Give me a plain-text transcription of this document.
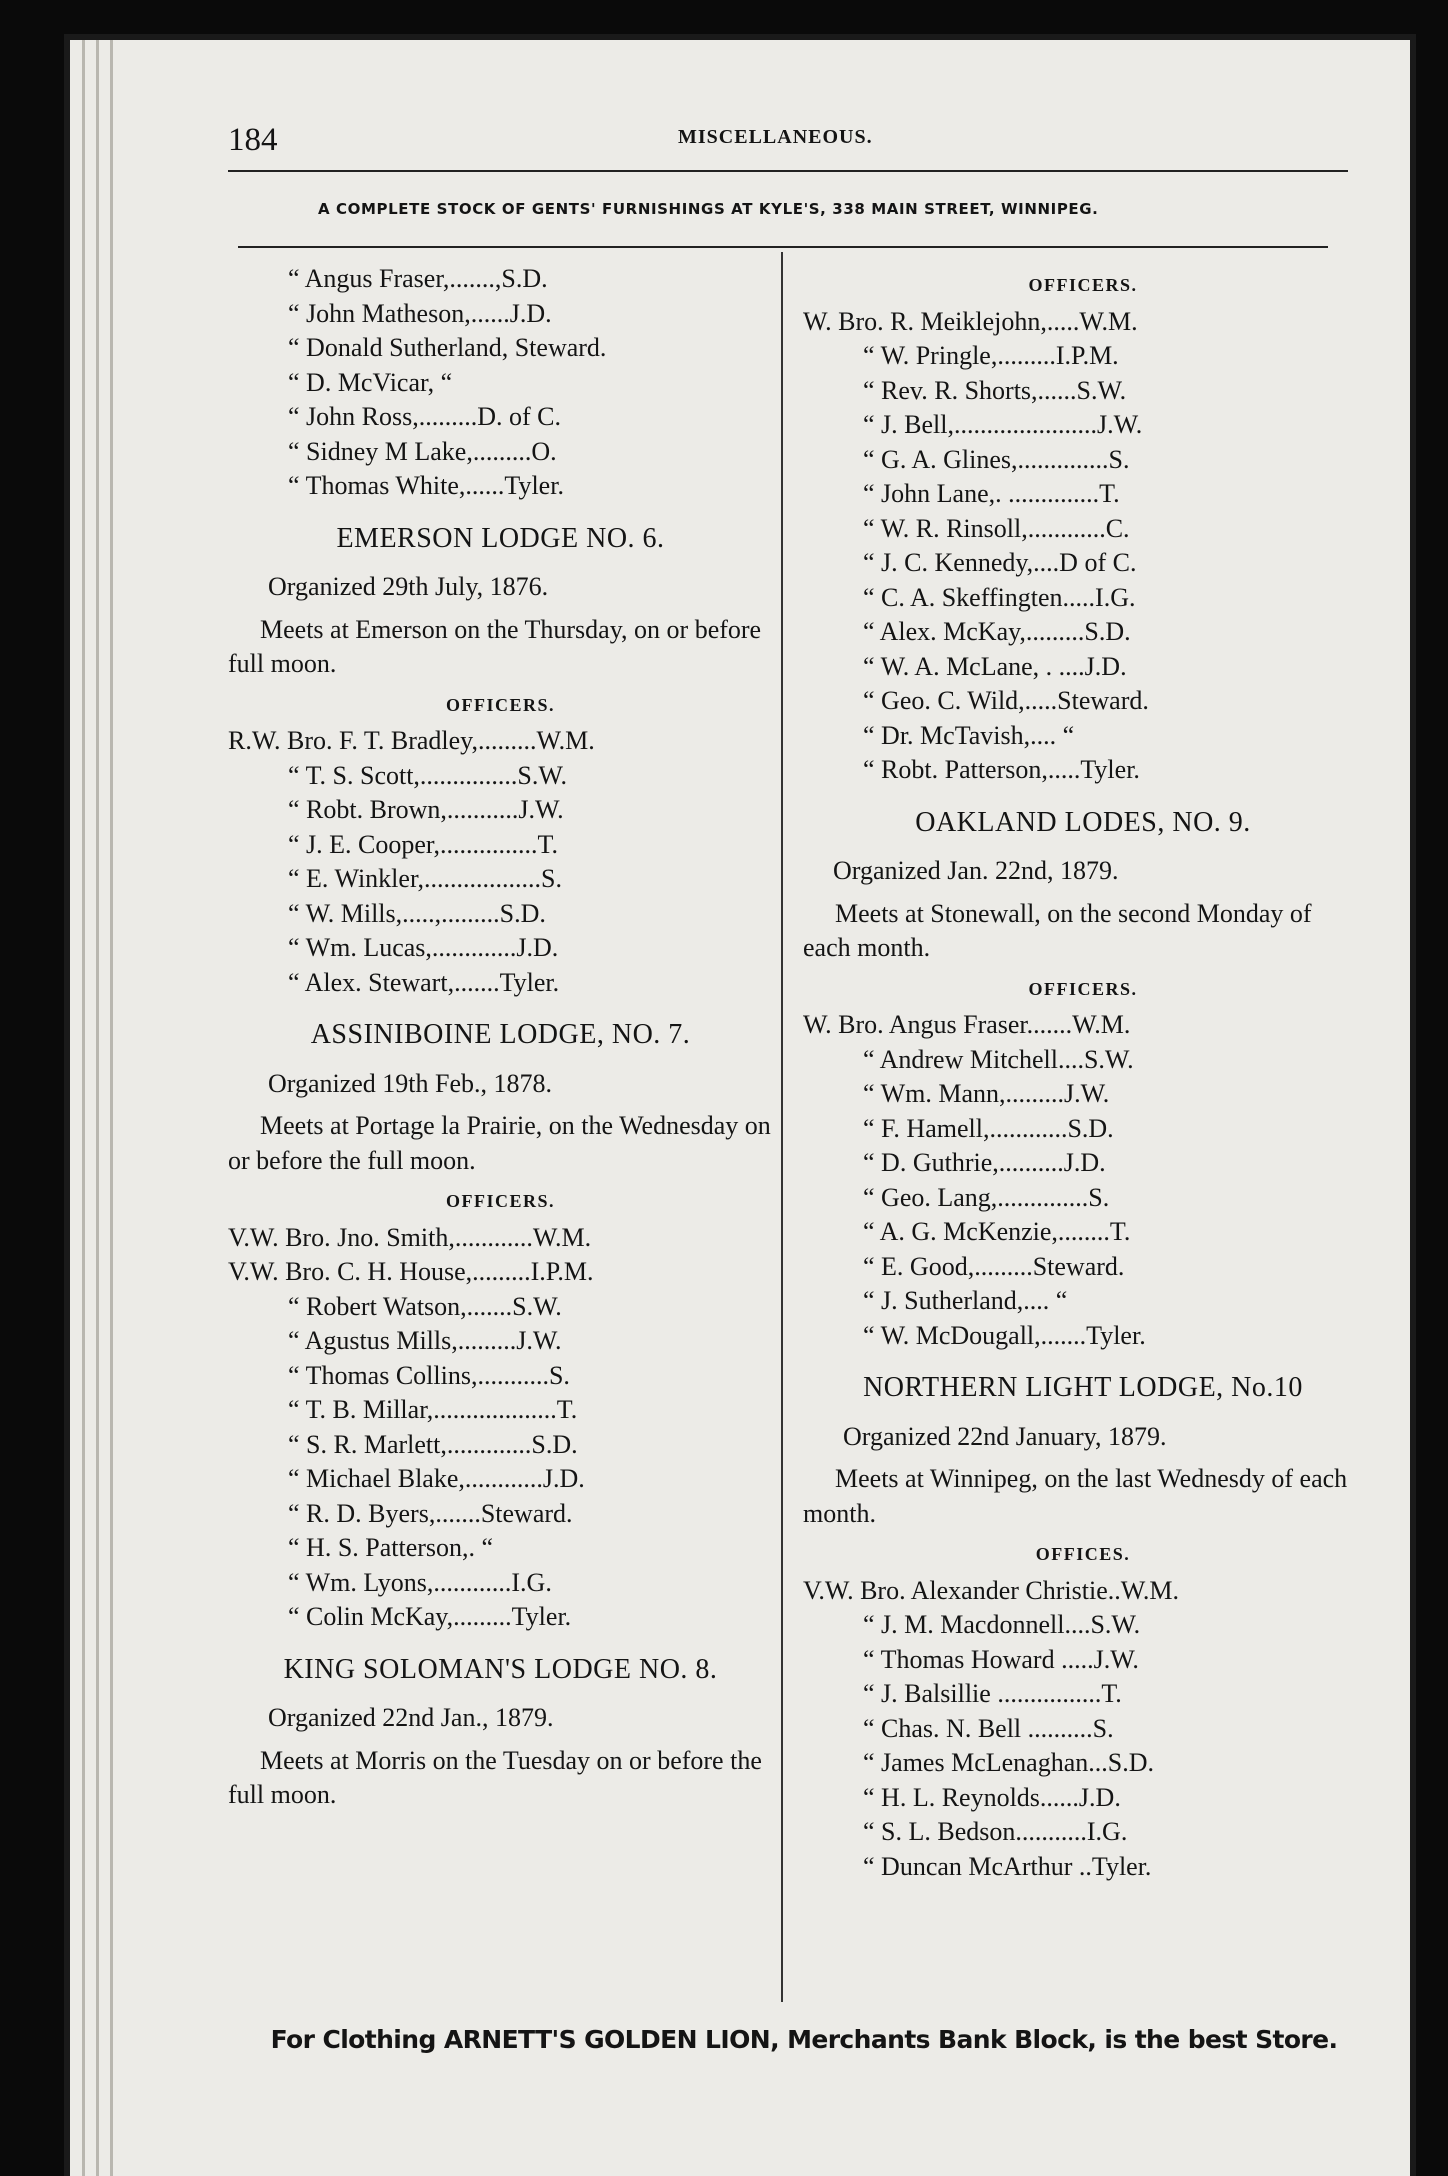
184	MISCELLANEOUS.
A COMPLETE STOCK OF GENTS' FURNISHINGS AT KYLE'S, 338 MAIN STREET, WINNIPEG.
“ Angus Fraser,.......,S.D.
“ John Matheson,......J.D.
“ Donald Sutherland, Steward.
“ D. McVicar, “
“ John Ross,.........D. of C.
“ Sidney M Lake,.........O.
“ Thomas White,......Tyler.
EMERSON LODGE NO. 6.
Organized 29th July, 1876.
Meets at Emerson on the Thursday, on or before full moon.
OFFICERS.
R.W. Bro. F. T. Bradley,.........W.M.
“ T. S. Scott,...............S.W.
“ Robt. Brown,...........J.W.
“ J. E. Cooper,...............T.
“ E. Winkler,..................S.
“ W. Mills,.....,.........S.D.
“ Wm. Lucas,.............J.D.
“ Alex. Stewart,.......Tyler.
ASSINIBOINE LODGE, NO. 7.
Organized 19th Feb., 1878.
Meets at Portage la Prairie, on the Wednesday on or before the full moon.
OFFICERS.
V.W. Bro. Jno. Smith,............W.M.
V.W. Bro. C. H. House,.........I.P.M.
“ Robert Watson,.......S.W.
“ Agustus Mills,.........J.W.
“ Thomas Collins,...........S.
“ T. B. Millar,...................T.
“ S. R. Marlett,.............S.D.
“ Michael Blake,............J.D.
“ R. D. Byers,.......Steward.
“ H. S. Patterson,. “
“ Wm. Lyons,............I.G.
“ Colin McKay,.........Tyler.
KING SOLOMAN'S LODGE NO. 8.
Organized 22nd Jan., 1879.
Meets at Morris on the Tuesday on or before the full moon.
OFFICERS.
W. Bro. R. Meiklejohn,.....W.M.
“ W. Pringle,.........I.P.M.
“ Rev. R. Shorts,......S.W.
“ J. Bell,......................J.W.
“ G. A. Glines,..............S.
“ John Lane,. ..............T.
“ W. R. Rinsoll,............C.
“ J. C. Kennedy,....D of C.
“ C. A. Skeffingten.....I.G.
“ Alex. McKay,.........S.D.
“ W. A. McLane, . ....J.D.
“ Geo. C. Wild,.....Steward.
“ Dr. McTavish,.... “
“ Robt. Patterson,.....Tyler.
OAKLAND LODES, NO. 9.
Organized Jan. 22nd, 1879.
Meets at Stonewall, on the second Monday of each month.
OFFICERS.
W. Bro. Angus Fraser.......W.M.
“ Andrew Mitchell....S.W.
“ Wm. Mann,.........J.W.
“ F. Hamell,............S.D.
“ D. Guthrie,..........J.D.
“ Geo. Lang,..............S.
“ A. G. McKenzie,........T.
“ E. Good,.........Steward.
“ J. Sutherland,.... “
“ W. McDougall,.......Tyler.
NORTHERN LIGHT LODGE, No.10
Organized 22nd January, 1879.
Meets at Winnipeg, on the last Wednesdy of each month.
OFFICES.
V.W. Bro. Alexander Christie..W.M.
“ J. M. Macdonnell....S.W.
“ Thomas Howard .....J.W.
“ J. Balsillie ................T.
“ Chas. N. Bell ..........S.
“ James McLenaghan...S.D.
“ H. L. Reynolds......J.D.
“ S. L. Bedson...........I.G.
“ Duncan McArthur ..Tyler.
For Clothing ARNETT'S GOLDEN LION, Merchants Bank Block, is the best Store.
